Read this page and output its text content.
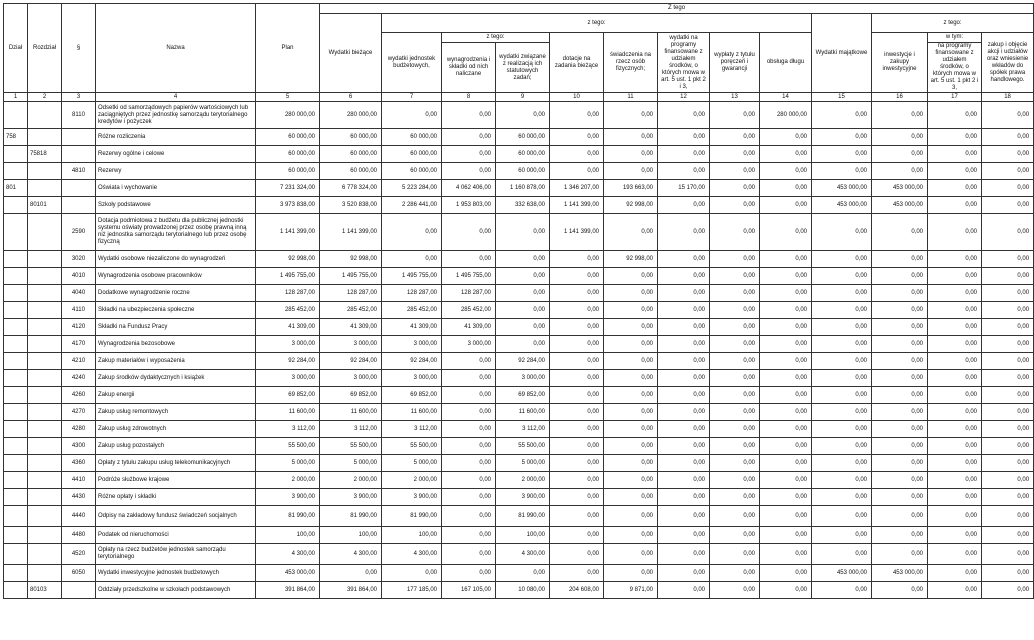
Dział	Rozdział	§	Nazwa	Plan	Z tego												
					Wydatki bieżące	z tego:								Wydatki majątkowe	z tego:		
						wydatki jednostek budżetowych,	z tego:		dotacje na zadania bieżące	świadczenia na rzecz osób fizycznych;	wydatki na programy finansowane z udziałem środków, o których mowa w art. 5 ust. 1 pkt 2 i 3,	wypłaty z tytułu poręczeń i gwarancji	obsługa długu		inwestycje i zakupy inwestycyjne	w tym:	zakup i objęcie akcji i udziałów oraz wniesienie wkładów do spółek prawa handlowego.
							wynagrodzenia i składki od nich naliczane	wydatki związane z realizacją ich statutowych zadań;								na programy finansowane z udziałem środków, o których mowa w art. 5 ust. 1 pkt 2 i 3,	
1	2	3	4	5	6	7	8	9	10	11	12	13	14	15	16	17	18
		8110	Odsetki od samorządowych papierów wartościowych lub zaciągniętych przez jednostkę samorządu terytorialnego kredytów i pożyczek	280 000,00	280 000,00	0,00	0,00	0,00	0,00	0,00	0,00	0,00	280 000,00	0,00	0,00	0,00	0,00
758			Różne rozliczenia	60 000,00	60 000,00	60 000,00	0,00	60 000,00	0,00	0,00	0,00	0,00	0,00	0,00	0,00	0,00	0,00
	75818		Rezerwy ogólne i celowe	60 000,00	60 000,00	60 000,00	0,00	60 000,00	0,00	0,00	0,00	0,00	0,00	0,00	0,00	0,00	0,00
		4810	Rezerwy	60 000,00	60 000,00	60 000,00	0,00	60 000,00	0,00	0,00	0,00	0,00	0,00	0,00	0,00	0,00	0,00
801			Oświata i wychowanie	7 231 324,00	6 778 324,00	5 223 284,00	4 062 406,00	1 160 878,00	1 346 207,00	193 663,00	15 170,00	0,00	0,00	453 000,00	453 000,00	0,00	0,00
	80101		Szkoły podstawowe	3 973 838,00	3 520 838,00	2 286 441,00	1 953 803,00	332 638,00	1 141 399,00	92 998,00	0,00	0,00	0,00	453 000,00	453 000,00	0,00	0,00
		2590	Dotacja podmiotowa z budżetu dla publicznej jednostki systemu oświaty prowadzonej przez osobę prawną inną niż jednostka samorządu terytorialnego lub przez osobę fizyczną	1 141 399,00	1 141 399,00	0,00	0,00	0,00	1 141 399,00	0,00	0,00	0,00	0,00	0,00	0,00	0,00	0,00
		3020	Wydatki osobowe niezaliczone do wynagrodzeń	92 998,00	92 998,00	0,00	0,00	0,00	0,00	92 998,00	0,00	0,00	0,00	0,00	0,00	0,00	0,00
		4010	Wynagrodzenia osobowe pracowników	1 495 755,00	1 495 755,00	1 495 755,00	1 495 755,00	0,00	0,00	0,00	0,00	0,00	0,00	0,00	0,00	0,00	0,00
		4040	Dodatkowe wynagrodzenie roczne	128 287,00	128 287,00	128 287,00	128 287,00	0,00	0,00	0,00	0,00	0,00	0,00	0,00	0,00	0,00	0,00
		4110	Składki na ubezpieczenia społeczne	285 452,00	285 452,00	285 452,00	285 452,00	0,00	0,00	0,00	0,00	0,00	0,00	0,00	0,00	0,00	0,00
		4120	Składki na Fundusz Pracy	41 309,00	41 309,00	41 309,00	41 309,00	0,00	0,00	0,00	0,00	0,00	0,00	0,00	0,00	0,00	0,00
		4170	Wynagrodzenia bezosobowe	3 000,00	3 000,00	3 000,00	3 000,00	0,00	0,00	0,00	0,00	0,00	0,00	0,00	0,00	0,00	0,00
		4210	Zakup materiałów i wyposażenia	92 284,00	92 284,00	92 284,00	0,00	92 284,00	0,00	0,00	0,00	0,00	0,00	0,00	0,00	0,00	0,00
		4240	Zakup środków dydaktycznych i książek	3 000,00	3 000,00	3 000,00	0,00	3 000,00	0,00	0,00	0,00	0,00	0,00	0,00	0,00	0,00	0,00
		4260	Zakup energii	69 852,00	69 852,00	69 852,00	0,00	69 852,00	0,00	0,00	0,00	0,00	0,00	0,00	0,00	0,00	0,00
		4270	Zakup usług remontowych	11 600,00	11 600,00	11 600,00	0,00	11 600,00	0,00	0,00	0,00	0,00	0,00	0,00	0,00	0,00	0,00
		4280	Zakup usług zdrowotnych	3 112,00	3 112,00	3 112,00	0,00	3 112,00	0,00	0,00	0,00	0,00	0,00	0,00	0,00	0,00	0,00
		4300	Zakup usług pozostałych	55 500,00	55 500,00	55 500,00	0,00	55 500,00	0,00	0,00	0,00	0,00	0,00	0,00	0,00	0,00	0,00
		4360	Opłaty z tytułu zakupu usług telekomunikacyjnych	5 000,00	5 000,00	5 000,00	0,00	5 000,00	0,00	0,00	0,00	0,00	0,00	0,00	0,00	0,00	0,00
		4410	Podróże służbowe krajowe	2 000,00	2 000,00	2 000,00	0,00	2 000,00	0,00	0,00	0,00	0,00	0,00	0,00	0,00	0,00	0,00
		4430	Różne opłaty i składki	3 900,00	3 900,00	3 900,00	0,00	3 900,00	0,00	0,00	0,00	0,00	0,00	0,00	0,00	0,00	0,00
		4440	Odpisy na zakładowy fundusz świadczeń socjalnych	81 990,00	81 990,00	81 990,00	0,00	81 990,00	0,00	0,00	0,00	0,00	0,00	0,00	0,00	0,00	0,00
		4480	Podatek od nieruchomości	100,00	100,00	100,00	0,00	100,00	0,00	0,00	0,00	0,00	0,00	0,00	0,00	0,00	0,00
		4520	Opłaty na rzecz budżetów jednostek samorządu terytorialnego	4 300,00	4 300,00	4 300,00	0,00	4 300,00	0,00	0,00	0,00	0,00	0,00	0,00	0,00	0,00	0,00
		6050	Wydatki inwestycyjne jednostek budżetowych	453 000,00	0,00	0,00	0,00	0,00	0,00	0,00	0,00	0,00	0,00	453 000,00	453 000,00	0,00	0,00
	80103		Oddziały przedszkolne w szkołach podstawowych	391 864,00	391 864,00	177 185,00	167 105,00	10 080,00	204 608,00	9 871,00	0,00	0,00	0,00	0,00	0,00	0,00	0,00
